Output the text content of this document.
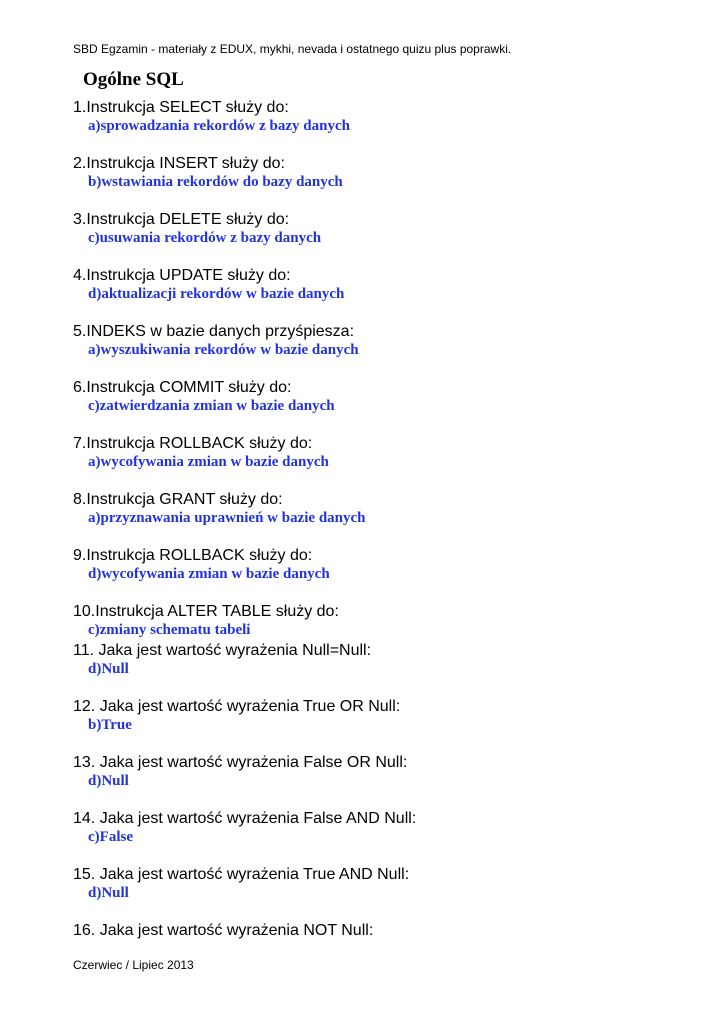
SBD Egzamin - materiały z EDUX, mykhi, nevada i ostatnego quizu plus poprawki.
Ogólne SQL
1.Instrukcja SELECT służy do:
a)sprowadzania rekordów z bazy danych
2.Instrukcja INSERT służy do:
b)wstawiania rekordów do bazy danych
3.Instrukcja DELETE służy do:
c)usuwania rekordów z bazy danych
4.Instrukcja UPDATE służy do:
d)aktualizacji rekordów w bazie danych
5.INDEKS w bazie danych przyśpiesza:
a)wyszukiwania rekordów w bazie danych
6.Instrukcja COMMIT służy do:
c)zatwierdzania zmian w bazie danych
7.Instrukcja ROLLBACK służy do:
a)wycofywania zmian w bazie danych
8.Instrukcja GRANT służy do:
a)przyznawania uprawnień w bazie danych
9.Instrukcja ROLLBACK służy do:
d)wycofywania zmian w bazie danych
10.Instrukcja ALTER TABLE służy do:
c)zmiany schematu tabeli
11. Jaka jest wartość wyrażenia Null=Null:
d)Null
12. Jaka jest wartość wyrażenia True OR Null:
b)True
13. Jaka jest wartość wyrażenia False OR Null:
d)Null
14. Jaka jest wartość wyrażenia False AND Null:
c)False
15. Jaka jest wartość wyrażenia True AND Null:
d)Null
16. Jaka jest wartość wyrażenia NOT Null:
Czerwiec / Lipiec 2013
